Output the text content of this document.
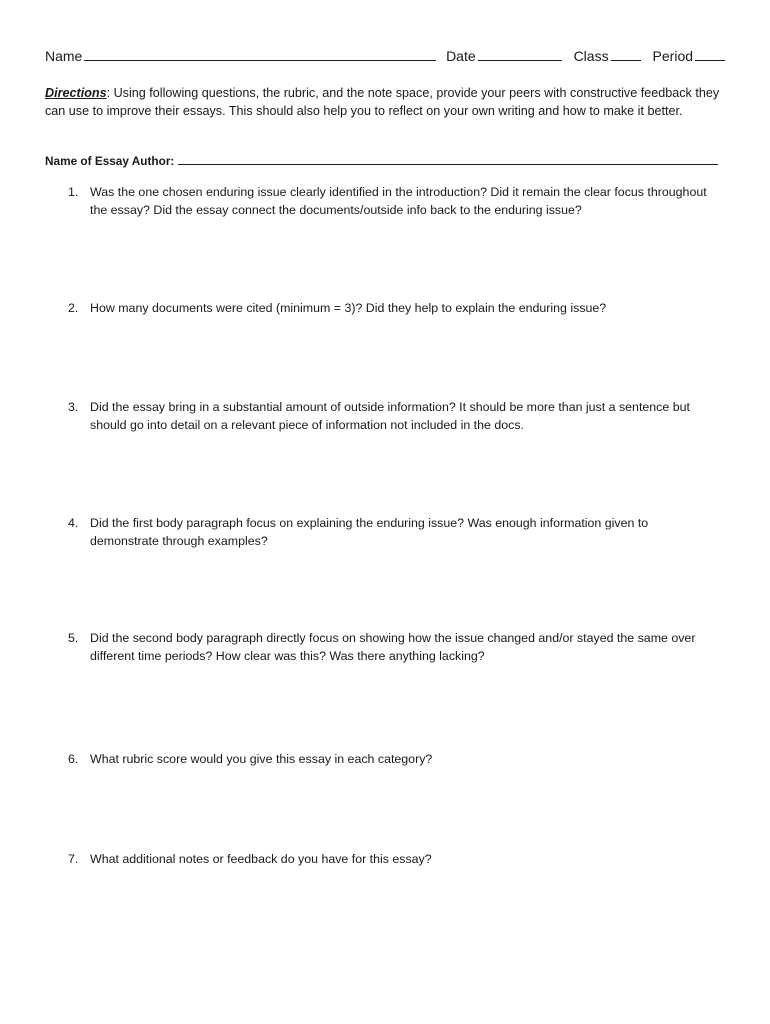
Name	Date	Class	Period
Directions: Using following questions, the rubric, and the note space, provide your peers with constructive feedback they can use to improve their essays. This should also help you to reflect on your own writing and how to make it better.
Name of Essay Author:
1. Was the one chosen enduring issue clearly identified in the introduction? Did it remain the clear focus throughout the essay? Did the essay connect the documents/outside info back to the enduring issue?
2. How many documents were cited (minimum = 3)? Did they help to explain the enduring issue?
3. Did the essay bring in a substantial amount of outside information? It should be more than just a sentence but should go into detail on a relevant piece of information not included in the docs.
4. Did the first body paragraph focus on explaining the enduring issue? Was enough information given to demonstrate through examples?
5. Did the second body paragraph directly focus on showing how the issue changed and/or stayed the same over different time periods? How clear was this? Was there anything lacking?
6. What rubric score would you give this essay in each category?
7. What additional notes or feedback do you have for this essay?
